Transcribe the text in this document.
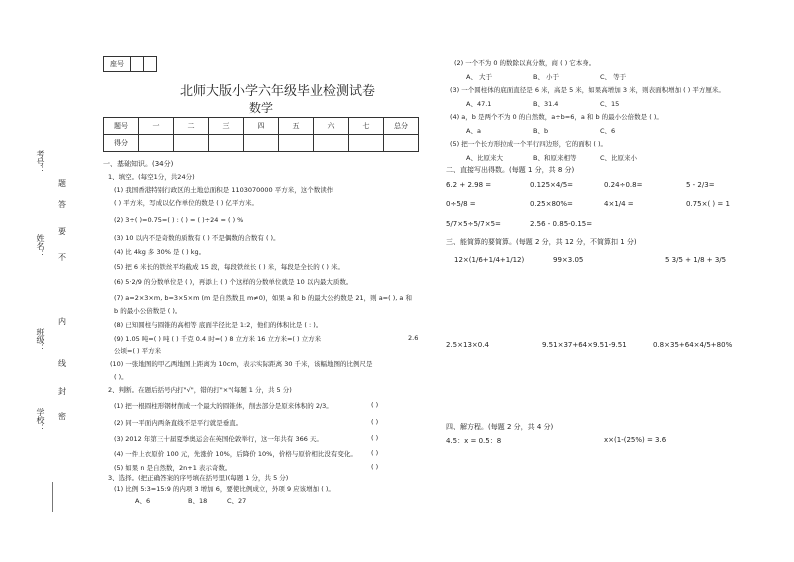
座号		
北师大版小学六年级毕业检测试卷
数学
题号	一	二	三	四	五	六	七	总分
得分								
考号：
姓名：
班级：
学校：
题
答
要
不
内
线
封
密
一、基础知识。(34分)
1、填空。(每空1分，共24分)
(1) 我国香港特别行政区的土地总面积是 1103070000 平方米，这个数读作
( ) 平方米，写成以亿作单位的数是 ( ) 亿平方米。
(2) 3÷( )=0.75=( ) : ( ) = ( )÷24 = ( ) %
(3) 10 以内不是奇数的质数有 ( ) 不是偶数的合数有 ( )。
(4) 比 4kg 多 30% 是 ( ) kg。
(5) 把 6 米长的铁丝平均截成 15 段，每段铁丝长 ( ) 米，每段是全长的 ( ) 米。
(6) 5·2/9 的分数单位是 ( )，再添上 ( ) 个这样的分数单位就是 10 以内最大质数。
(7) a=2×3×m, b=3×5×m (m 是自然数且 m≠0)，如果 a 和 b 的最大公约数是 21，则 a=( ), a 和
b 的最小公倍数是 ( )。
(8) 已知圆柱与圆锥的高相等 底面半径比是 1:2，他们的体积比是 ( : )。
(9) 1.05 吨=( ) 吨 ( ) 千克 0.4 时=( ) 8 立方米 16 立方米=( ) 立方米	2.6
公顷=( ) 平方米
(10) 一张地图的甲乙两地图上距离为 10cm，表示实际距离 30 千米，该幅地图的比例尺是
( )。
2、判断。在题后括号内打"√"，错的打"×"(每题 1 分，共 5 分)
(1) 把一根圆柱形钢材削成一个最大的圆锥体，削去部分是原来体积的 2/3。	( )
(2) 同一平面内两条直线不是平行就是垂直。	( )
(3) 2012 年第三十届夏季奥运会在英国伦敦举行，这一年共有 366 天。	( )
(4) 一件上衣原价 100 元，先涨价 10%，后降价 10%，价格与原价相比没有变化。 ( )
(5) 如果 n 是自然数，2n+1 表示奇数。	( )
3、选择。(把正确答案的序号填在括号里)(每题 1 分，共 5 分)
(1) 比例 5:3=15:9 的内项 3 增加 6，要使比例成立，外项 9 应该增加 ( )。
A、6	B、18	C、27
(2) 一个不为 0 的数除以真分数，商 ( ) 它本身。
A、 大于	B、 小于	C、 等于
(3) 一个圆柱体的底面直径是 6 米，高是 5 米，如果高增加 3 米，则表面积增加 ( ) 平方厘米。
A、47.1	B、31.4	C、15
(4) a，b 是两个不为 0 的自然数，a÷b=6，a 和 b 的最小公倍数是 ( )。
A、a	B、b	C、6
(5) 把一个长方形拉成一个平行四边形，它的面积 ( )。
A、比原来大	B、和原来相等	C、比原来小
二、直接写出得数。(每题 1 分，共 8 分)
6.2 + 2.98 =	0.125×4/5=	0.24÷0.8=	5 - 2/3=
0÷5/8 =	0.25×80%=	4×1/4 =	0.75×( ) = 1
5/7×5÷5/7×5=	2.56 - 0.85-0.15=
三、能简算的要简算。(每题 2 分，共 12 分，不简算扣 1 分)
12×(1/6+1/4+1/12)	99×3.05	5 3/5 + 1/8 + 3/5
2.5×13×0.4	9.51×37+64×9.51-9.51	0.8×35+64×4/5+80%
四、解方程。(每题 2 分，共 4 分)
4.5：x = 0.5：8	x×(1-(25%) = 3.6
